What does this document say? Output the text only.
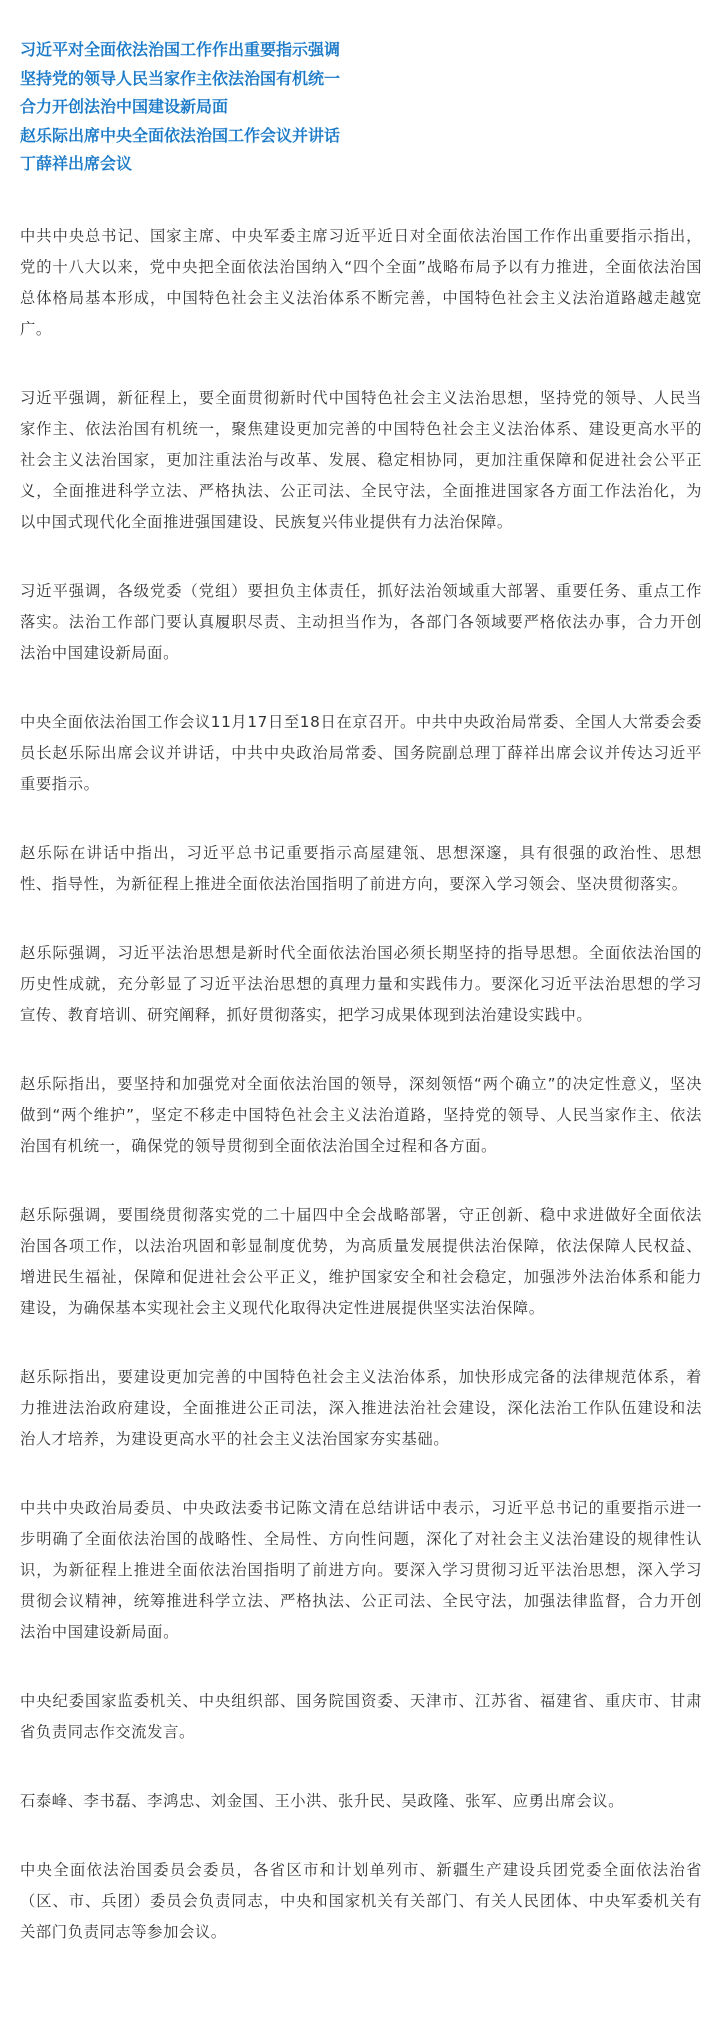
习近平对全面依法治国工作作出重要指示强调

坚持党的领导人民当家作主依法治国有机统一

合力开创法治中国建设新局面

赵乐际出席中央全面依法治国工作会议并讲话

丁薛祥出席会议

中共中央总书记、国家主席、中央军委主席习近平近日对全面依法治国工作作出重要指示指出，党的十八大以来，党中央把全面依法治国纳入“四个全面”战略布局予以有力推进，全面依法治国总体格局基本形成，中国特色社会主义法治体系不断完善，中国特色社会主义法治道路越走越宽广。

习近平强调，新征程上，要全面贯彻新时代中国特色社会主义法治思想，坚持党的领导、人民当家作主、依法治国有机统一，聚焦建设更加完善的中国特色社会主义法治体系、建设更高水平的社会主义法治国家，更加注重法治与改革、发展、稳定相协同，更加注重保障和促进社会公平正义，全面推进科学立法、严格执法、公正司法、全民守法，全面推进国家各方面工作法治化，为以中国式现代化全面推进强国建设、民族复兴伟业提供有力法治保障。

习近平强调，各级党委（党组）要担负主体责任，抓好法治领域重大部署、重要任务、重点工作落实。法治工作部门要认真履职尽责、主动担当作为，各部门各领域要严格依法办事，合力开创法治中国建设新局面。

中央全面依法治国工作会议11月17日至18日在京召开。中共中央政治局常委、全国人大常委会委员长赵乐际出席会议并讲话，中共中央政治局常委、国务院副总理丁薛祥出席会议并传达习近平重要指示。

赵乐际在讲话中指出，习近平总书记重要指示高屋建瓴、思想深邃，具有很强的政治性、思想性、指导性，为新征程上推进全面依法治国指明了前进方向，要深入学习领会、坚决贯彻落实。

赵乐际强调，习近平法治思想是新时代全面依法治国必须长期坚持的指导思想。全面依法治国的历史性成就，充分彰显了习近平法治思想的真理力量和实践伟力。要深化习近平法治思想的学习宣传、教育培训、研究阐释，抓好贯彻落实，把学习成果体现到法治建设实践中。

赵乐际指出，要坚持和加强党对全面依法治国的领导，深刻领悟“两个确立”的决定性意义，坚决做到“两个维护”，坚定不移走中国特色社会主义法治道路，坚持党的领导、人民当家作主、依法治国有机统一，确保党的领导贯彻到全面依法治国全过程和各方面。

赵乐际强调，要围绕贯彻落实党的二十届四中全会战略部署，守正创新、稳中求进做好全面依法治国各项工作，以法治巩固和彰显制度优势，为高质量发展提供法治保障，依法保障人民权益、增进民生福祉，保障和促进社会公平正义，维护国家安全和社会稳定，加强涉外法治体系和能力建设，为确保基本实现社会主义现代化取得决定性进展提供坚实法治保障。

赵乐际指出，要建设更加完善的中国特色社会主义法治体系，加快形成完备的法律规范体系，着力推进法治政府建设，全面推进公正司法，深入推进法治社会建设，深化法治工作队伍建设和法治人才培养，为建设更高水平的社会主义法治国家夯实基础。

中共中央政治局委员、中央政法委书记陈文清在总结讲话中表示，习近平总书记的重要指示进一步明确了全面依法治国的战略性、全局性、方向性问题，深化了对社会主义法治建设的规律性认识，为新征程上推进全面依法治国指明了前进方向。要深入学习贯彻习近平法治思想，深入学习贯彻会议精神，统筹推进科学立法、严格执法、公正司法、全民守法，加强法律监督，合力开创法治中国建设新局面。

中央纪委国家监委机关、中央组织部、国务院国资委、天津市、江苏省、福建省、重庆市、甘肃省负责同志作交流发言。

石泰峰、李书磊、李鸿忠、刘金国、王小洪、张升民、吴政隆、张军、应勇出席会议。

中央全面依法治国委员会委员，各省区市和计划单列市、新疆生产建设兵团党委全面依法治省（区、市、兵团）委员会负责同志，中央和国家机关有关部门、有关人民团体、中央军委机关有关部门负责同志等参加会议。
